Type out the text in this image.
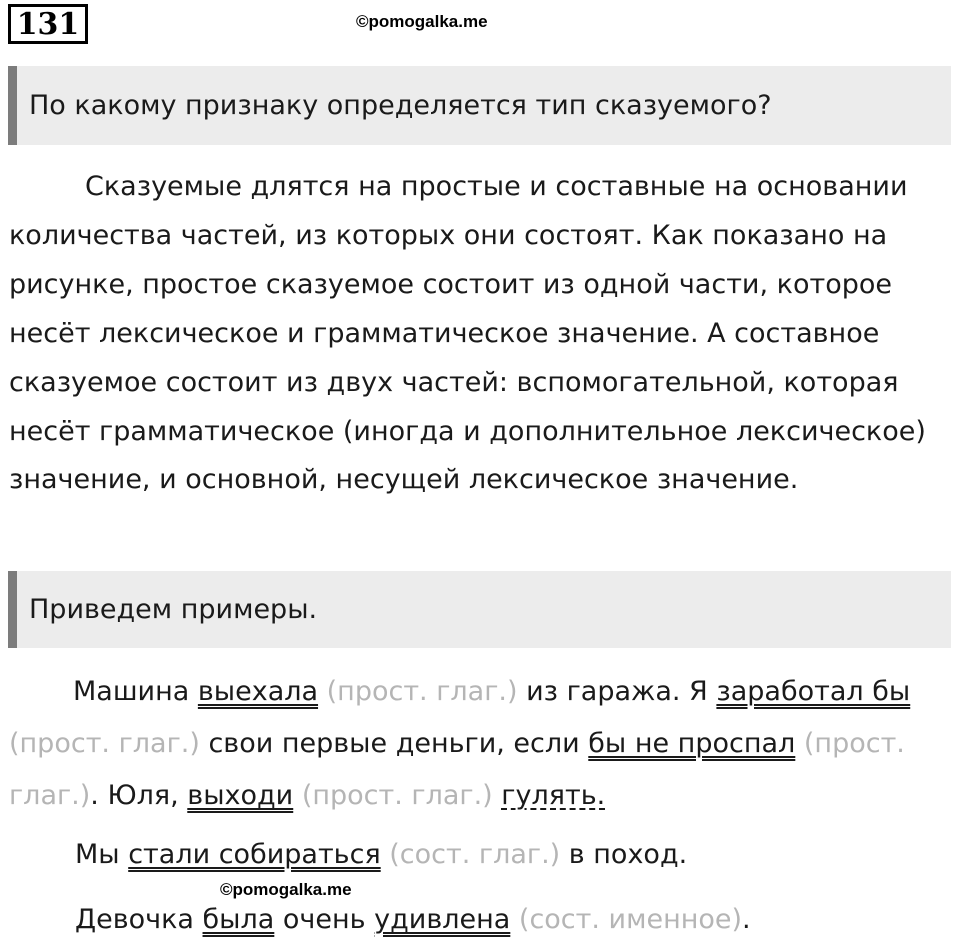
131	©pomogalka.me
По какому признаку определяется тип сказуемого?
Сказуемые длятся на простые и составные на основании количества частей, из которых они состоят. Как показано на рисунке, простое сказуемое состоит из одной части, которое несёт лексическое и грамматическое значение. А составное сказуемое состоит из двух частей: вспомогательной, которая несёт грамматическое (иногда и дополнительное лексическое) значение, и основной, несущей лексическое значение.
Приведем примеры.
Машина выехала (прост. глаг.) из гаража. Я заработал бы (прост. глаг.) свои первые деньги, если бы не проспал (прост. глаг.). Юля, выходи (прост. глаг.) гулять.
Мы стали собираться (сост. глаг.) в поход.
©pomogalka.me
Девочка была очень удивлена (сост. именное).
